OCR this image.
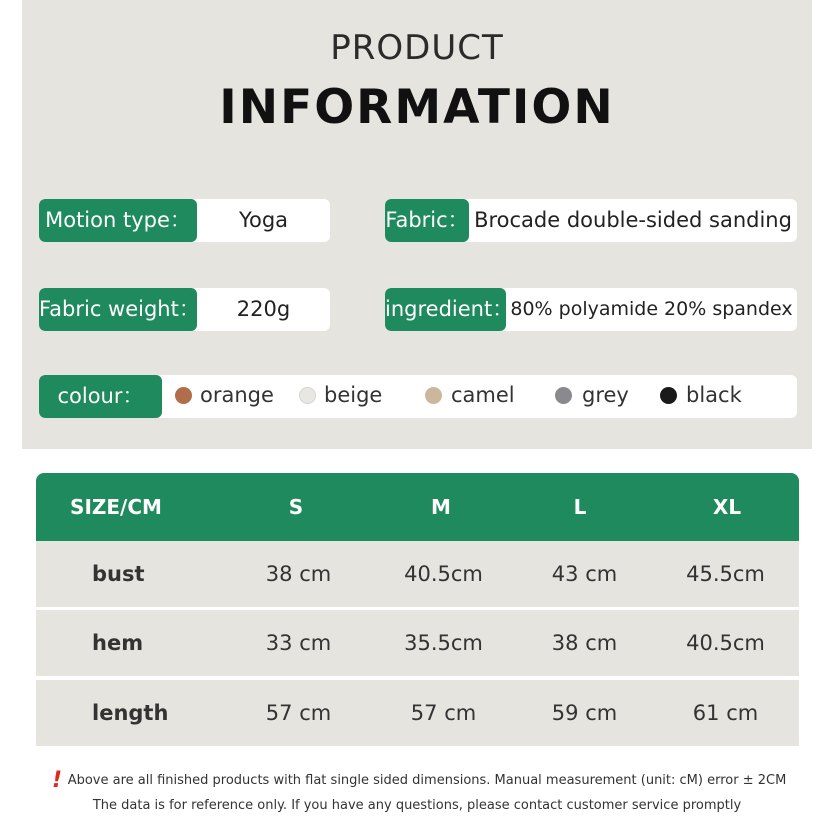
PRODUCT
INFORMATION
Motion type：	Yoga	Fabric： Brocade double-sided sanding
Fabric weight：	220g	ingredient：
80% polyamide 20% spandex
colour：	orange beige	camel	grey	black
SIZE/CM	S	M	L	XL
bust	38 cm	40.5cm	43 cm	45.5cm
hem	33 cm	35.5cm	38 cm	40.5cm
length	57 cm	57 cm	59 cm	61 cm
! Above are all finished products with flat single sided dimensions. Manual measurement (unit: cM) error ± 2CM
The data is for reference only. If you have any questions, please contact customer service promptly
